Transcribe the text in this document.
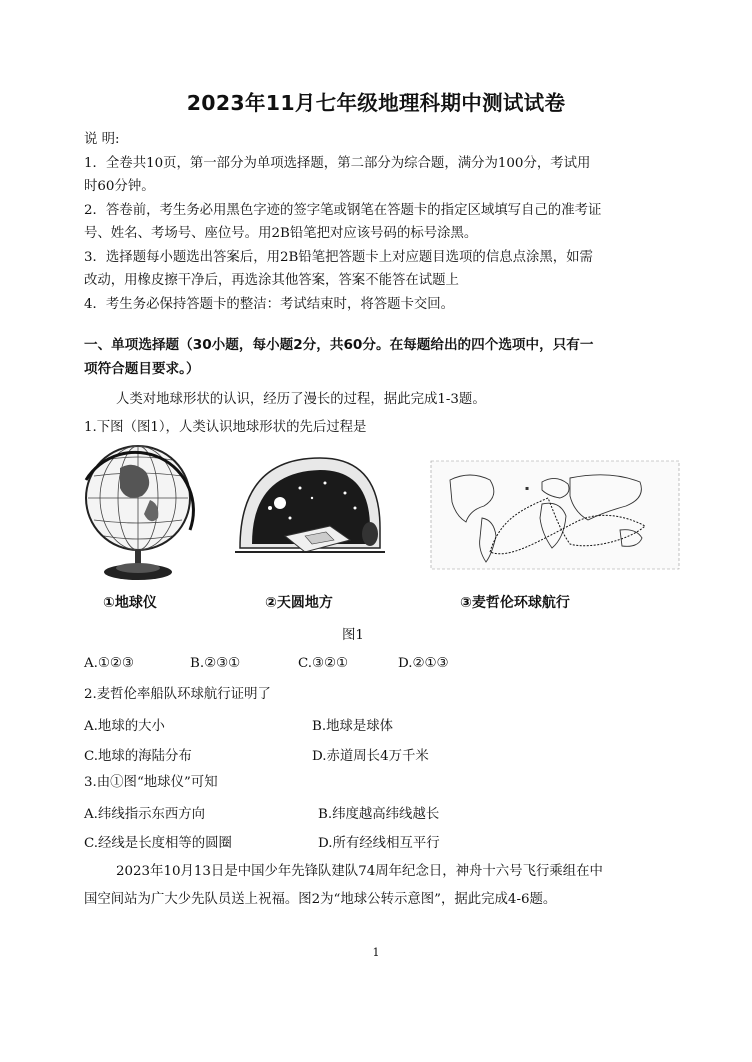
2023年11月七年级地理科期中测试试卷
说 明:
1．全卷共10页，第一部分为单项选择题，第二部分为综合题，满分为100分，考试用
时60分钟。
2．答卷前，考生务必用黑色字迹的签字笔或钢笔在答题卡的指定区域填写自己的准考证
号、姓名、考场号、座位号。用2B铅笔把对应该号码的标号涂黑。
3．选择题每小题选出答案后，用2B铅笔把答题卡上对应题目选项的信息点涂黑，如需
改动，用橡皮擦干净后，再选涂其他答案，答案不能答在试题上
4．考生务必保持答题卡的整洁：考试结束时，将答题卡交回。
一、单项选择题（30小题，每小题2分，共60分。在每题给出的四个选项中，只有一
项符合题目要求。）
人类对地球形状的认识，经历了漫长的过程，据此完成1-3题。
1.下图（图1），人类认识地球形状的先后过程是
▪
①地球仪	②天圆地方	③麦哲伦环球航行
图1
A.①②③	B.②③①	C.③②①	D.②①③
2.麦哲伦率船队环球航行证明了
A.地球的大小	B.地球是球体
C.地球的海陆分布	D.赤道周长4万千米
3.由①图“地球仪”可知
A.纬线指示东西方向	B.纬度越高纬线越长
C.经线是长度相等的圆圈	D.所有经线相互平行
2023年10月13日是中国少年先锋队建队74周年纪念日，神舟十六号飞行乘组在中
国空间站为广大少先队员送上祝福。图2为“地球公转示意图”，据此完成4-6题。
1
